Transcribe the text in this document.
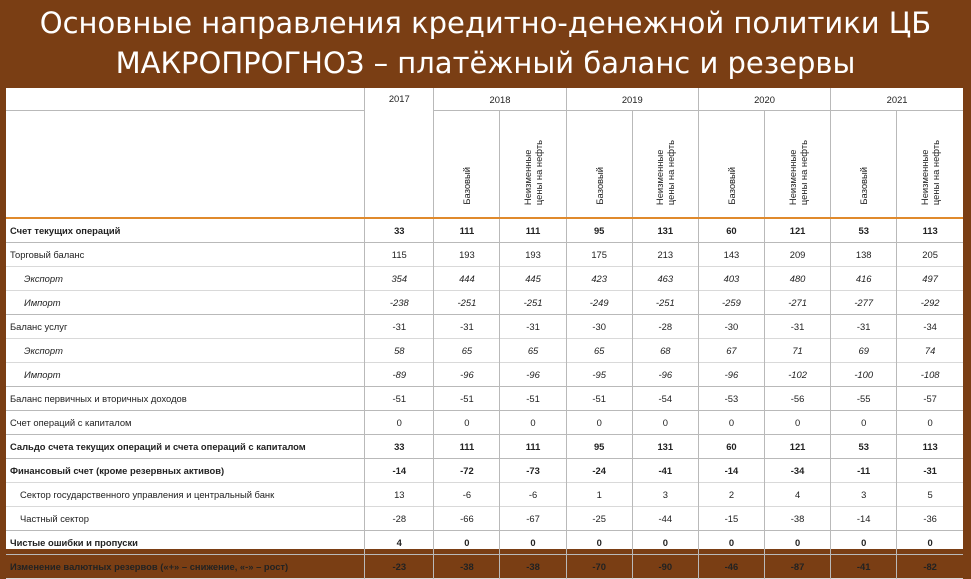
Основные направления кредитно-денежной политики ЦБ
МАКРОПРОГНОЗ – платёжный баланс и резервы
	2017	2018		2019		2020		2021	
		Базовый	Неизменные
цены на нефть	Базовый	Неизменные
цены на нефть	Базовый	Неизменные
цены на нефть	Базовый	Неизменные
цены на нефть
Счет текущих операций	33	111	111	95	131	60	121	53	113
Торговый баланс	115	193	193	175	213	143	209	138	205
Экспорт	354	444	445	423	463	403	480	416	497
Импорт	-238	-251	-251	-249	-251	-259	-271	-277	-292
Баланс услуг	-31	-31	-31	-30	-28	-30	-31	-31	-34
Экспорт	58	65	65	65	68	67	71	69	74
Импорт	-89	-96	-96	-95	-96	-96	-102	-100	-108
Баланс первичных и вторичных доходов	-51	-51	-51	-51	-54	-53	-56	-55	-57
Счет операций с капиталом	0	0	0	0	0	0	0	0	0
Сальдо счета текущих операций и счета операций с капиталом	33	111	111	95	131	60	121	53	113
Финансовый счет (кроме резервных активов)	-14	-72	-73	-24	-41	-14	-34	-11	-31
Сектор государственного управления и центральный банк	13	-6	-6	1	3	2	4	3	5
Частный сектор	-28	-66	-67	-25	-44	-15	-38	-14	-36
Чистые ошибки и пропуски	4	0	0	0	0	0	0	0	0
Изменение валютных резервов («+» – снижение, «-» – рост)	-23	-38	-38	-70	-90	-46	-87	-41	-82
